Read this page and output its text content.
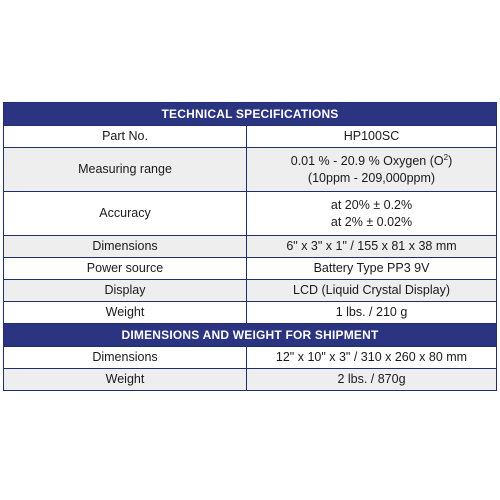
TECHNICAL SPECIFICATIONS	
Part No.	HP100SC
Measuring range	0.01 % - 20.9 % Oxygen $(O^2)$
(10ppm - 209,000ppm)

Accuracy	at 20% ± 0.2%
at 2% ± 0.02%

Dimensions	6" x 3" x 1" / 155 x 81 x 38 mm
Power source	Battery Type PP3 9V
Display	LCD (Liquid Crystal Display)
Weight	1 lbs. / 210 g
DIMENSIONS AND WEIGHT FOR SHIPMENT	
Dimensions	12" x 10" x 3" / 310 x 260 x 80 mm
Weight	2 lbs. / 870g
